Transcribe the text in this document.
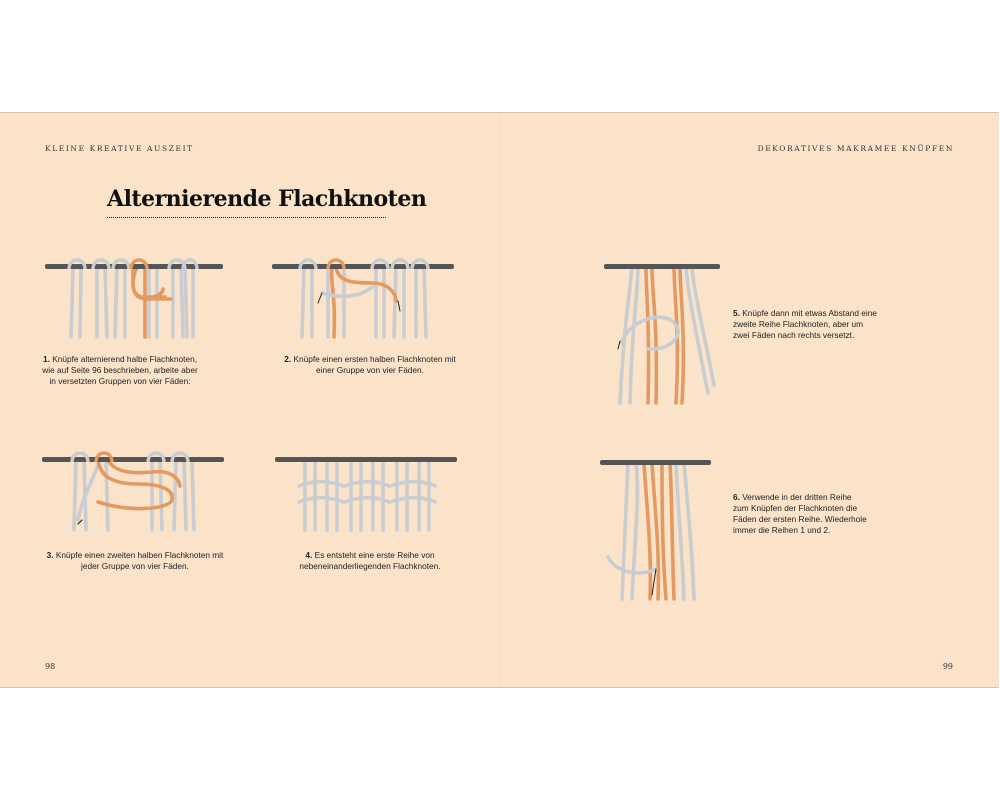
KLEINE KREATIVE AUSZEIT	DEKORATIVES MAKRAMEE KNÜPFEN
Alternierende Flachknoten
1. Knüpfe alternierend halbe Flachknoten, wie auf Seite 96 beschrieben, arbeite aber in versetzten Gruppen von vier Fäden:
2. Knüpfe einen ersten halben Flachknoten mit einer Gruppe von vier Fäden.
3. Knüpfe einen zweiten halben Flachknoten mit jeder Gruppe von vier Fäden.
4. Es entsteht eine erste Reihe von nebeneinanderliegenden Flachknoten.
5. Knüpfe dann mit etwas Abstand eine zweite Reihe Flachknoten, aber um zwei Fäden nach rechts versetzt.
6. Verwende in der dritten Reihe zum Knüpfen der Flachknoten die Fäden der ersten Reihe. Wiederhole immer die Reihen 1 und 2.
98	99
